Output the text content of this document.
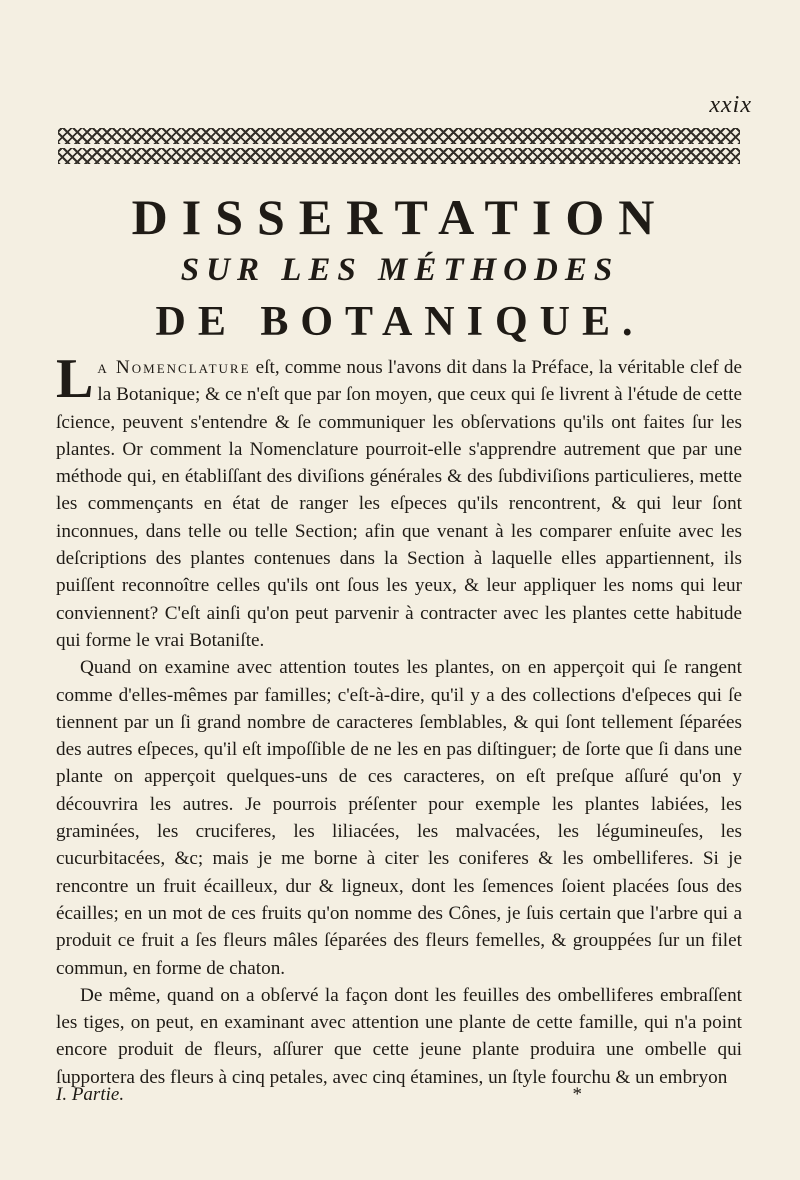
xxix
DISSERTATION
SUR LES MÉTHODES
DE BOTANIQUE.

La Nomenclature eſt, comme nous l'avons dit dans la Préface, la véritable clef de la Botanique; & ce n'eſt que par ſon moyen, que ceux qui ſe livrent à l'étude de cette ſcience, peuvent s'entendre & ſe communiquer les obſervations qu'ils ont faites ſur les plantes. Or comment la Nomenclature pourroit-elle s'apprendre autrement que par une méthode qui, en établiſſant des diviſions générales & des ſubdiviſions particulieres, mette les commençants en état de ranger les eſpeces qu'ils rencontrent, & qui leur ſont inconnues, dans telle ou telle Section; afin que venant à les comparer enſuite avec les deſcriptions des plantes contenues dans la Section à laquelle elles appartiennent, ils puiſſent reconnoître celles qu'ils ont ſous les yeux, & leur appliquer les noms qui leur conviennent? C'eſt ainſi qu'on peut parvenir à contracter avec les plantes cette habitude qui forme le vrai Botaniſte.

Quand on examine avec attention toutes les plantes, on en apperçoit qui ſe rangent comme d'elles-mêmes par familles; c'eſt-à-dire, qu'il y a des collections d'eſpeces qui ſe tiennent par un ſi grand nombre de caracteres ſemblables, & qui ſont tellement ſéparées des autres eſpeces, qu'il eſt impoſſible de ne les en pas diſtinguer; de ſorte que ſi dans une plante on apperçoit quelques-uns de ces caracteres, on eſt preſque aſſuré qu'on y découvrira les autres. Je pourrois préſenter pour exemple les plantes labiées, les graminées, les cruciferes, les liliacées, les malvacées, les légumineuſes, les cucurbitacées, &c; mais je me borne à citer les coniferes & les ombelliferes. Si je rencontre un fruit écailleux, dur & ligneux, dont les ſemences ſoient placées ſous des écailles; en un mot de ces fruits qu'on nomme des Cônes, je ſuis certain que l'arbre qui a produit ce fruit a ſes fleurs mâles ſéparées des fleurs femelles, & grouppées ſur un filet commun, en forme de chaton.

De même, quand on a obſervé la façon dont les feuilles des ombelliferes embraſſent les tiges, on peut, en examinant avec attention une plante de cette famille, qui n'a point encore produit de fleurs, aſſurer que cette jeune plante produira une ombelle qui ſupportera des fleurs à cinq petales, avec cinq étamines, un ſtyle fourchu & un embryon

I. Partie.	*
